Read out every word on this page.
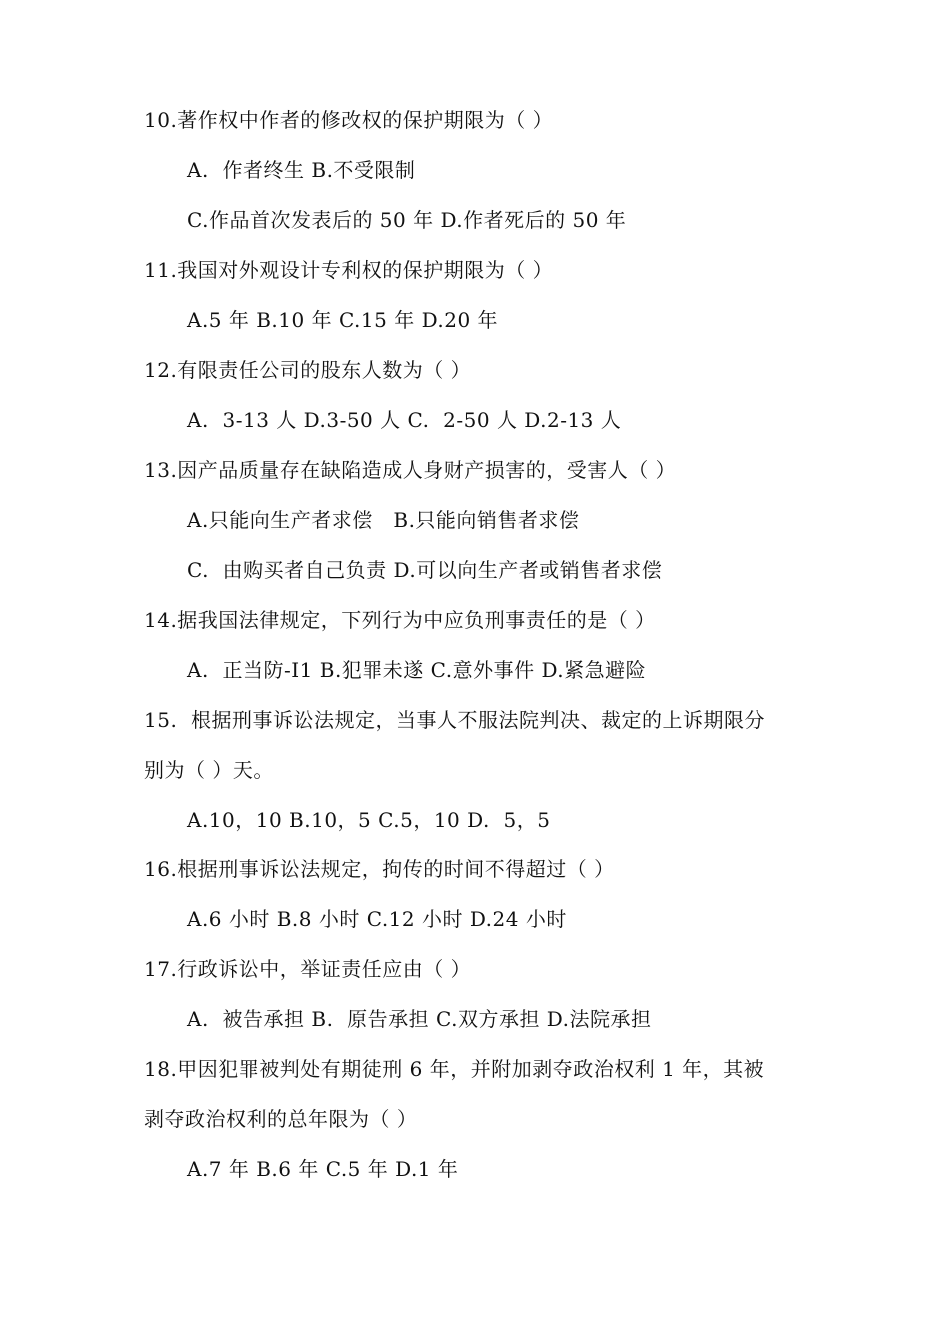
10.著作权中作者的修改权的保护期限为（ ）
A.  作者终生 B.不受限制
C.作品首次发表后的 50 年 D.作者死后的 50 年
11.我国对外观设计专利权的保护期限为（ ）
A.5 年 B.10 年 C.15 年 D.20 年
12.有限责任公司的股东人数为（ ）
A.  3-13 人 D.3-50 人 C.  2-50 人 D.2-13 人
13.因产品质量存在缺陷造成人身财产损害的，受害人（ ）
A.只能向生产者求偿   B.只能向销售者求偿
C.  由购买者自己负责 D.可以向生产者或销售者求偿
14.据我国法律规定，下列行为中应负刑事责任的是（ ）
A.  正当防-I1 B.犯罪未遂 C.意外事件 D.紧急避险
15.  根据刑事诉讼法规定，当事人不服法院判决、裁定的上诉期限分
别为（ ）天。
A.10，10 B.10，5 C.5，10 D.  5，5
16.根据刑事诉讼法规定，拘传的时间不得超过（ ）
A.6 小时 B.8 小时 C.12 小时 D.24 小时
17.行政诉讼中，举证责任应由（ ）
A.  被告承担 B.  原告承担 C.双方承担 D.法院承担
18.甲因犯罪被判处有期徒刑 6 年，并附加剥夺政治权利 1 年，其被
剥夺政治权利的总年限为（ ）
A.7 年 B.6 年 C.5 年 D.1 年
